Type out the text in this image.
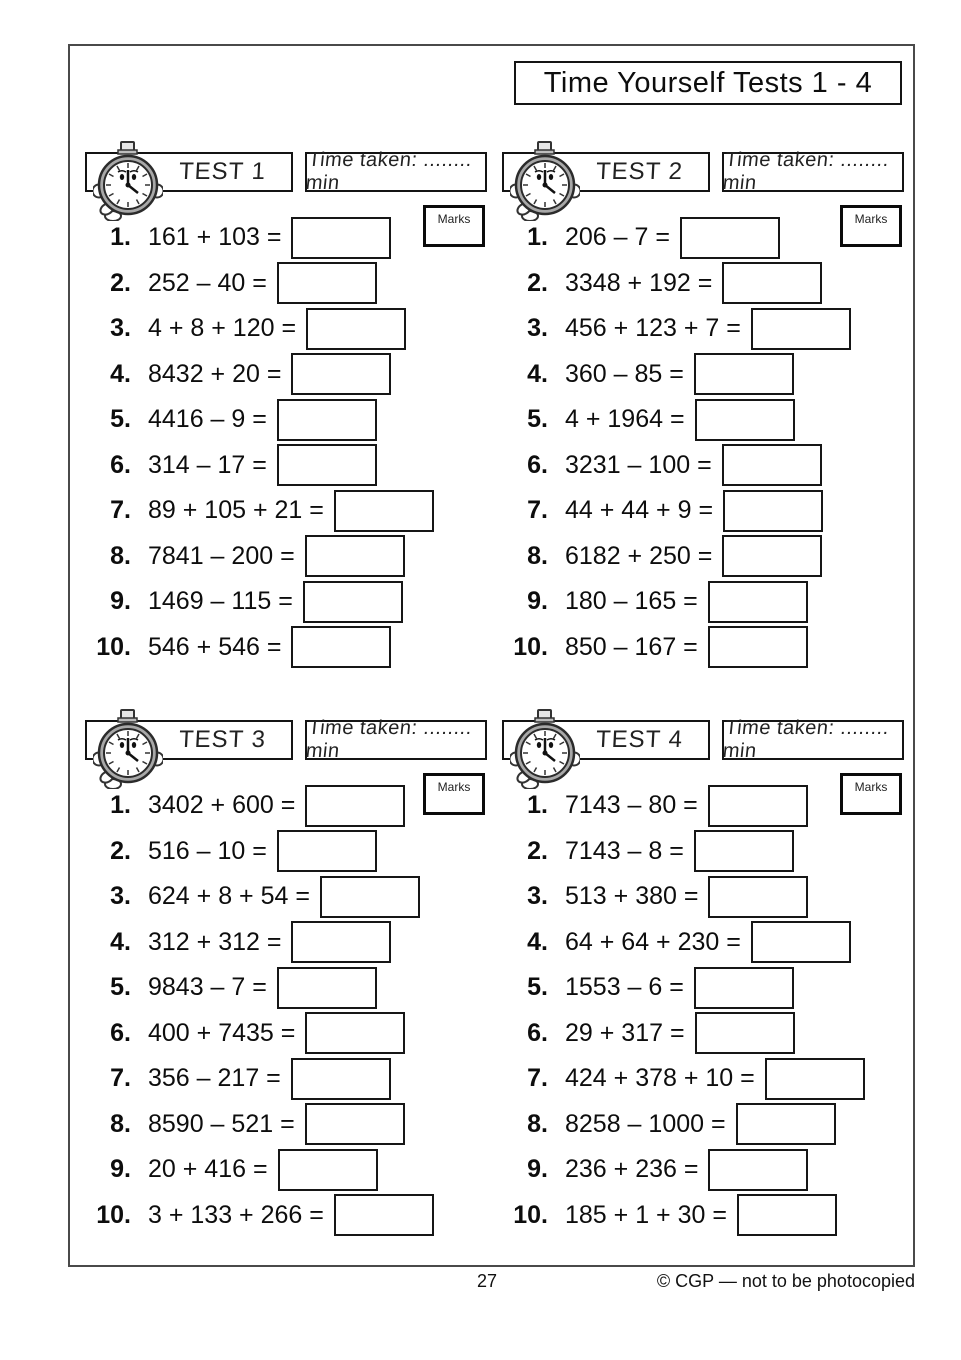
Time Yourself Tests 1 - 4
TEST 1 Time taken: ........ min
Marks
1. 161 + 103 =
2. 252 – 40 =
3. 4 + 8 + 120 =
4. 8432 + 20 =
5. 4416 – 9 =
6. 314 – 17 =
7. 89 + 105 + 21 =
8. 7841 – 200 =
9. 1469 – 115 =
10. 546 + 546 =
TEST 2 Time taken: ........ min
Marks
1. 206 – 7 =
2. 3348 + 192 =
3. 456 + 123 + 7 =
4. 360 – 85 =
5. 4 + 1964 =
6. 3231 – 100 =
7. 44 + 44 + 9 =
8. 6182 + 250 =
9. 180 – 165 =
10. 850 – 167 =
TEST 3 Time taken: ........ min
Marks
1. 3402 + 600 =
2. 516 – 10 =
3. 624 + 8 + 54 =
4. 312 + 312 =
5. 9843 – 7 =
6. 400 + 7435 =
7. 356 – 217 =
8. 8590 – 521 =
9. 20 + 416 =
10. 3 + 133 + 266 =
TEST 4 Time taken: ........ min
Marks
1. 7143 – 80 =
2. 7143 – 8 =
3. 513 + 380 =
4. 64 + 64 + 230 =
5. 1553 – 6 =
6. 29 + 317 =
7. 424 + 378 + 10 =
8. 8258 – 1000 =
9. 236 + 236 =
10. 185 + 1 + 30 =
27	© CGP — not to be photocopied
